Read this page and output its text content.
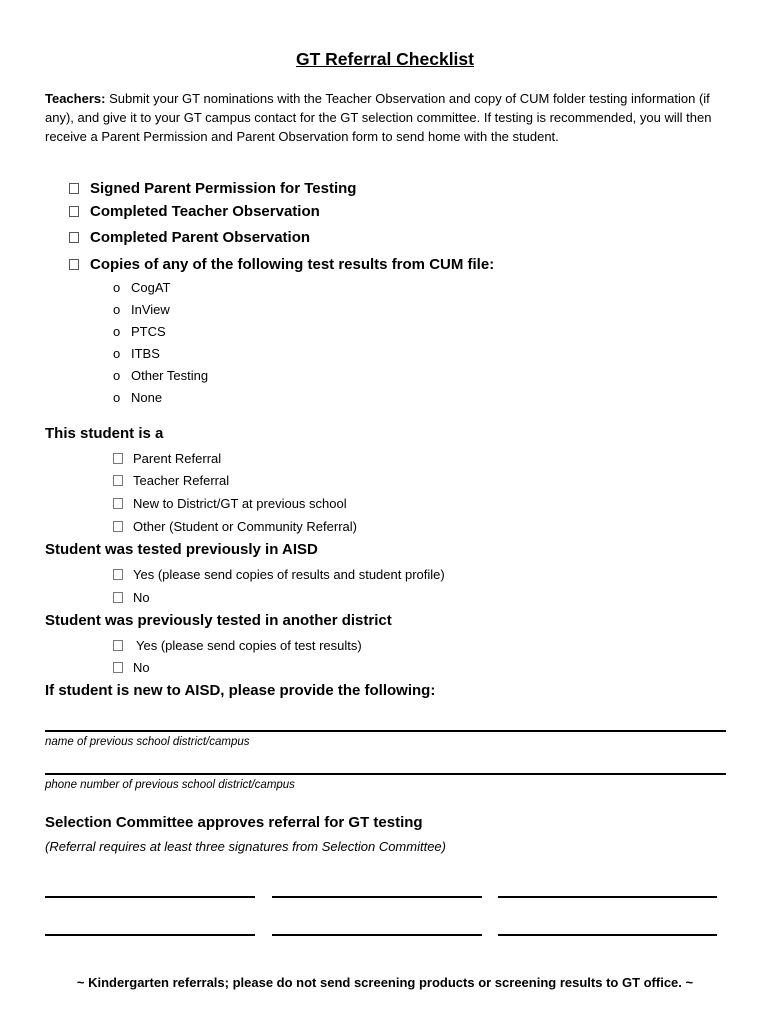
GT Referral Checklist
Teachers: Submit your GT nominations with the Teacher Observation and copy of CUM folder testing information (if any), and give it to your GT campus contact for the GT selection committee. If testing is recommended, you will then receive a Parent Permission and Parent Observation form to send home with the student.
Signed Parent Permission for Testing
Completed Teacher Observation
Completed Parent Observation
Copies of any of the following test results from CUM file:
o CogAT
o InView
o PTCS
o ITBS
o Other Testing
o None
This student is a
Parent Referral
Teacher Referral
New to District/GT at previous school
Other (Student or Community Referral)
Student was tested previously in AISD
Yes (please send copies of results and student profile)
No
Student was previously tested in another district
Yes (please send copies of test results)
No
If student is new to AISD, please provide the following:
name of previous school district/campus
phone number of previous school district/campus
Selection Committee approves referral for GT testing
(Referral requires at least three signatures from Selection Committee)
~ Kindergarten referrals; please do not send screening products or screening results to GT office. ~
